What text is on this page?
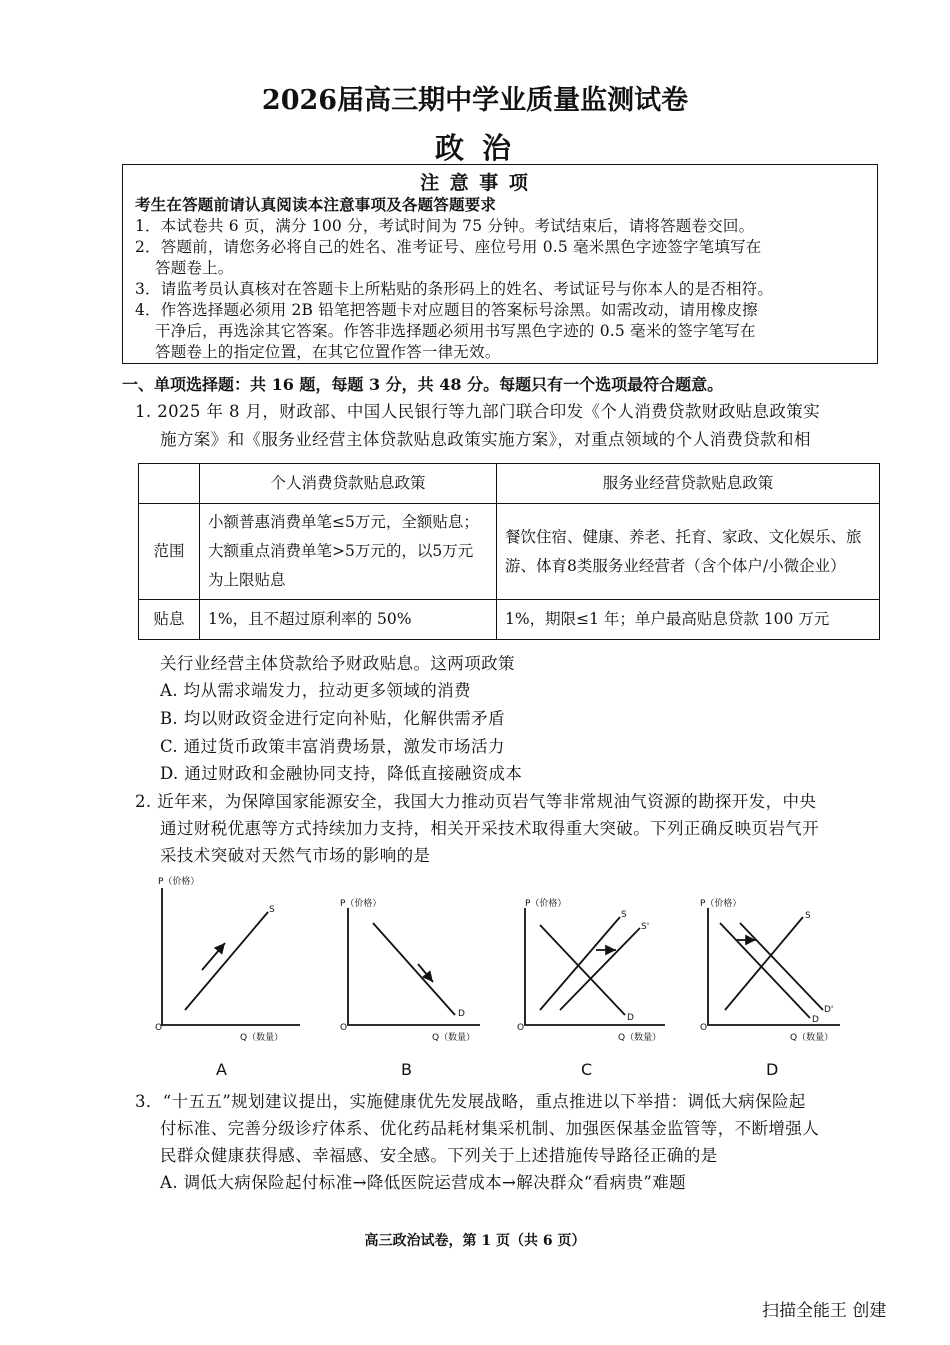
2026届高三期中学业质量监测试卷
政 治
注 意 事 项
考生在答题前请认真阅读本注意事项及各题答题要求
1．本试卷共 6 页，满分 100 分，考试时间为 75 分钟。考试结束后，请将答题卷交回。
2．答题前，请您务必将自己的姓名、准考证号、座位号用 0.5 毫米黑色字迹签字笔填写在
答题卷上。
3．请监考员认真核对在答题卡上所粘贴的条形码上的姓名、考试证号与你本人的是否相符。
4．作答选择题必须用 2B 铅笔把答题卡对应题目的答案标号涂黑。如需改动，请用橡皮擦
干净后，再选涂其它答案。作答非选择题必须用书写黑色字迹的 0.5 毫米的签字笔写在
答题卷上的指定位置，在其它位置作答一律无效。
一、单项选择题：共 16 题，每题 3 分，共 48 分。每题只有一个选项最符合题意。
1. 2025 年 8 月，财政部、中国人民银行等九部门联合印发《个人消费贷款财政贴息政策实
施方案》和《服务业经营主体贷款贴息政策实施方案》，对重点领域的个人消费贷款和相
	个人消费贷款贴息政策	服务业经营贷款贴息政策
范围	小额普惠消费单笔≤5万元，全额贴息；大额重点消费单笔>5万元的，以5万元为上限贴息	餐饮住宿、健康、养老、托育、家政、文化娱乐、旅游、体育8类服务业经营者（含个体户/小微企业）
贴息	1%，且不超过原利率的 50%	1%，期限≤1 年；单户最高贴息贷款 100 万元
关行业经营主体贷款给予财政贴息。这两项政策
A. 均从需求端发力，拉动更多领域的消费
B. 均以财政资金进行定向补贴，化解供需矛盾
C. 通过货币政策丰富消费场景，激发市场活力
D. 通过财政和金融协同支持，降低直接融资成本
2. 近年来，为保障国家能源安全，我国大力推动页岩气等非常规油气资源的勘探开发，中央
通过财税优惠等方式持续加力支持，相关开采技术取得重大突破。下列正确反映页岩气开
采技术突破对天然气市场的影响的是
P（价格）
O
Q（数量）
S
P（价格）
O
Q（数量）
D
P（价格）
O
Q（数量）
S
S'
D
P（价格）
O
Q（数量）
S
D'
D
A	B	C	D
3．“十五五”规划建议提出，实施健康优先发展战略，重点推进以下举措：调低大病保险起
付标准、完善分级诊疗体系、优化药品耗材集采机制、加强医保基金监管等，不断增强人
民群众健康获得感、幸福感、安全感。下列关于上述措施传导路径正确的是
A. 调低大病保险起付标准→降低医院运营成本→解决群众“看病贵”难题
高三政治试卷，第 1 页（共 6 页）
扫描全能王 创建
